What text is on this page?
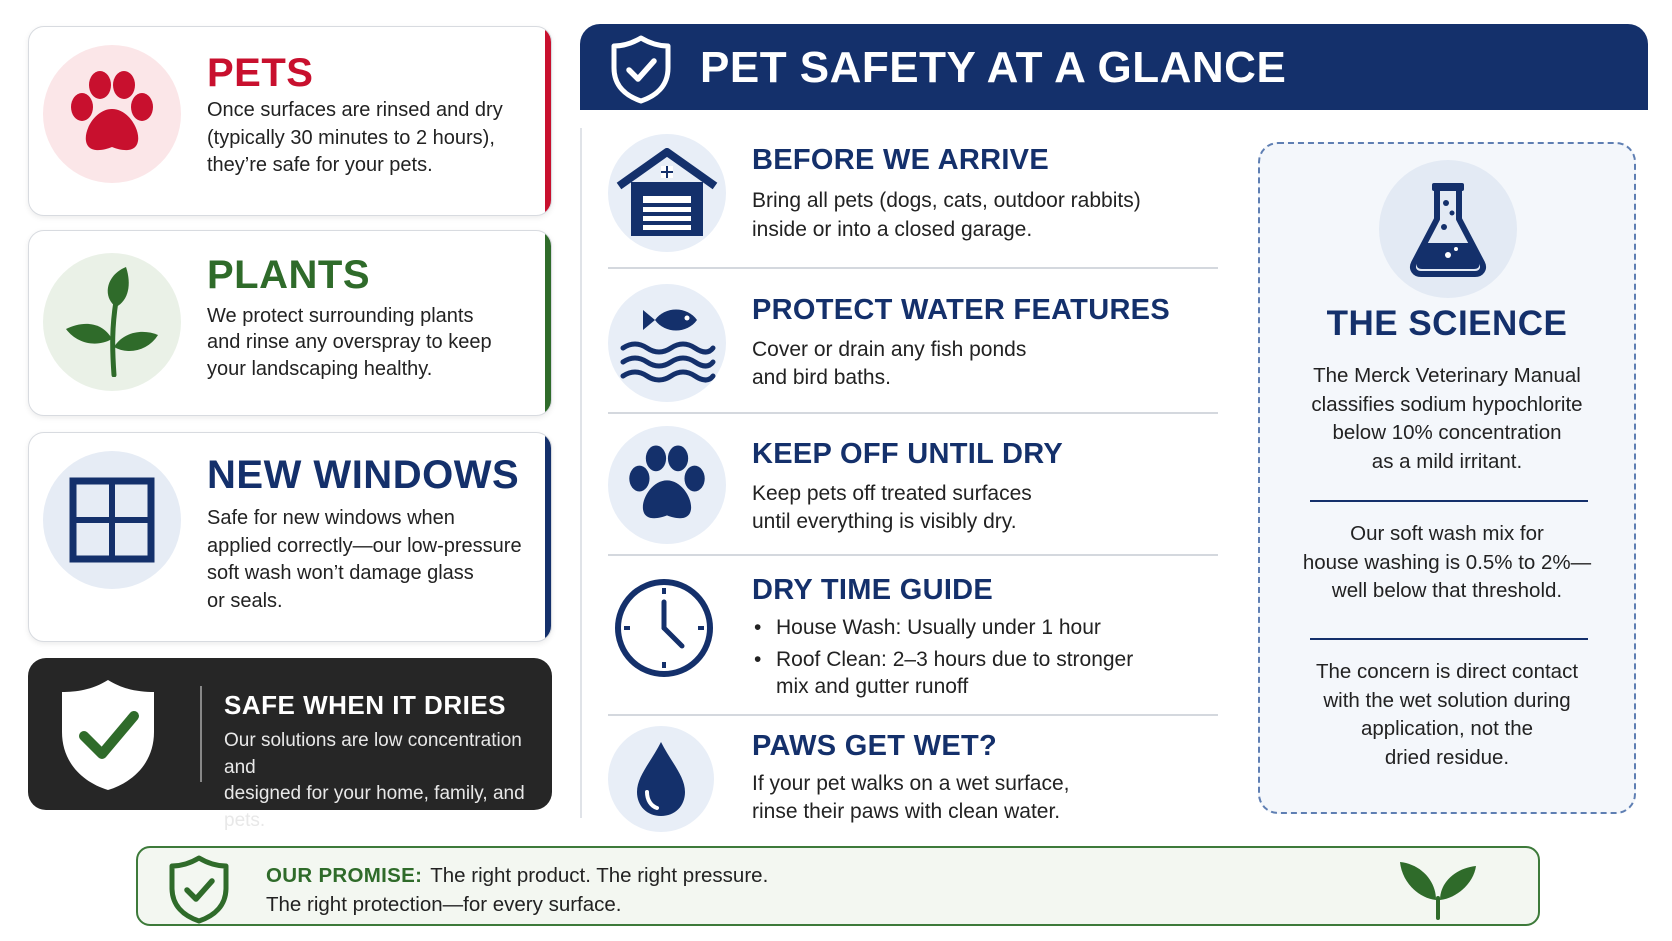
PETS
Once surfaces are rinsed and dry
(typically 30 minutes to 2 hours),
they’re safe for your pets.
PLANTS
We protect surrounding plants
and rinse any overspray to keep
your landscaping healthy.
NEW WINDOWS
Safe for new windows when
applied correctly—our low-pressure
soft wash won’t damage glass
or seals.
SAFE WHEN IT DRIES
Our solutions are low concentration and
designed for your home, family, and pets.
PET SAFETY AT A GLANCE
BEFORE WE ARRIVE
Bring all pets (dogs, cats, outdoor rabbits)
inside or into a closed garage.
PROTECT WATER FEATURES
Cover or drain any fish ponds
and bird baths.
KEEP OFF UNTIL DRY
Keep pets off treated surfaces
until everything is visibly dry.
DRY TIME GUIDE
• House Wash: Usually under 1 hour
• Roof Clean: 2–3 hours due to stronger
mix and gutter runoff
PAWS GET WET?
If your pet walks on a wet surface,
rinse their paws with clean water.
THE SCIENCE
The Merck Veterinary Manual
classifies sodium hypochlorite
below 10% concentration
as a mild irritant.
Our soft wash mix for
house washing is 0.5% to 2%—
well below that threshold.
The concern is direct contact
with the wet solution during
application, not the
dried residue.
OUR PROMISE: The right product. The right pressure.
The right protection—for every surface.
